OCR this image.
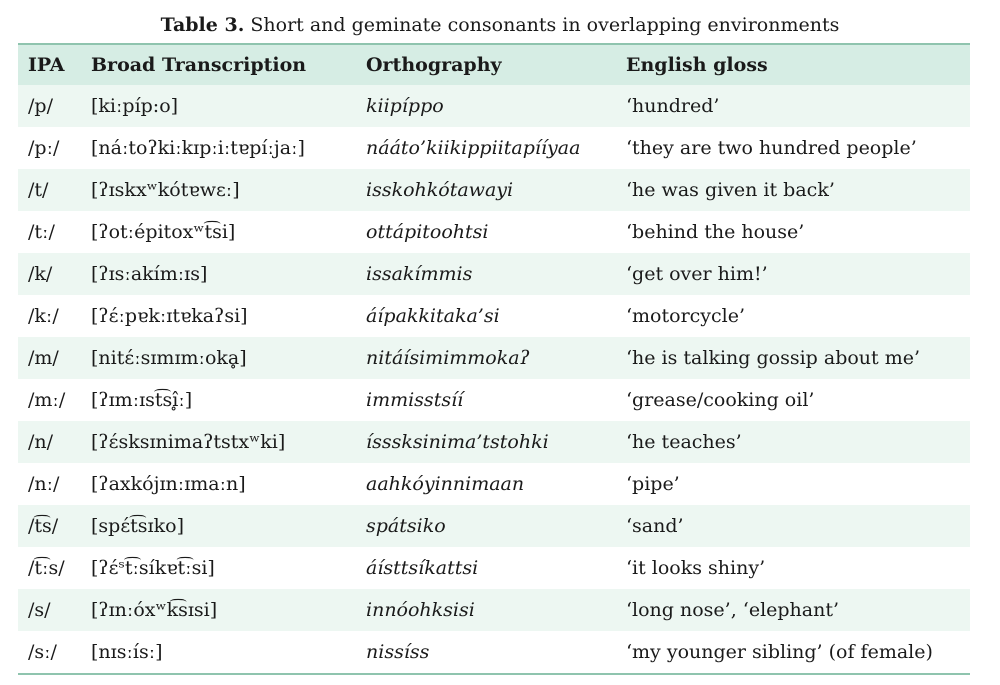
Table 3. Short and geminate consonants in overlapping environments
IPA	Broad Transcription	Orthography	English gloss
/p/	[kiːpíp:o]	kiipíppo	‘hundred’
/pː/	[náːtoʔkiːkɪpːiːtɐpíːjaː]	nááto’kiikippiitapííyaa	‘they are two hundred people’
/t/	[ʔɪskxʷkótɐwɛː]	isskohkótawayi	‘he was given it back’
/tː/	[ʔotːépitoxʷt͡si]	ottápitoohtsi	‘behind the house’
/k/	[ʔɪsːakímːɪs]	issakímmis	‘get over him!’
/kː/	[ʔɛ́ːpɐkːɪtɐkaʔsi]	áípakkitaka’si	‘motorcycle’
/m/	[nitɛ́ːsɪmɪmːokḁ]	nitáísimimmokaʔ	‘he is talking gossip about me’
/mː/	[ʔɪmːɪst͡sî̥ː]	immisstsíí	‘grease/cooking oil’
/n/	[ʔɛ́sksɪnimaʔtstxʷki]	ísssksinima’tstohki	‘he teaches’
/nː/	[ʔaxkójɪnːɪmaːn]	aahkóyinnimaan	‘pipe’
/t͡s/	[spɛ́t͡sɪko]	spátsiko	‘sand’
/t͡ːs/	[ʔɛ́ˢt͡ːsíkɐt͡ːsi]	áísttsíkattsi	‘it looks shiny’
/s/	[ʔɪnːóxʷk͡sɪsi]	innóohksisi	‘long nose’, ‘elephant’
/sː/	[nɪsːísː]	nissíss	‘my younger sibling’ (of female)
